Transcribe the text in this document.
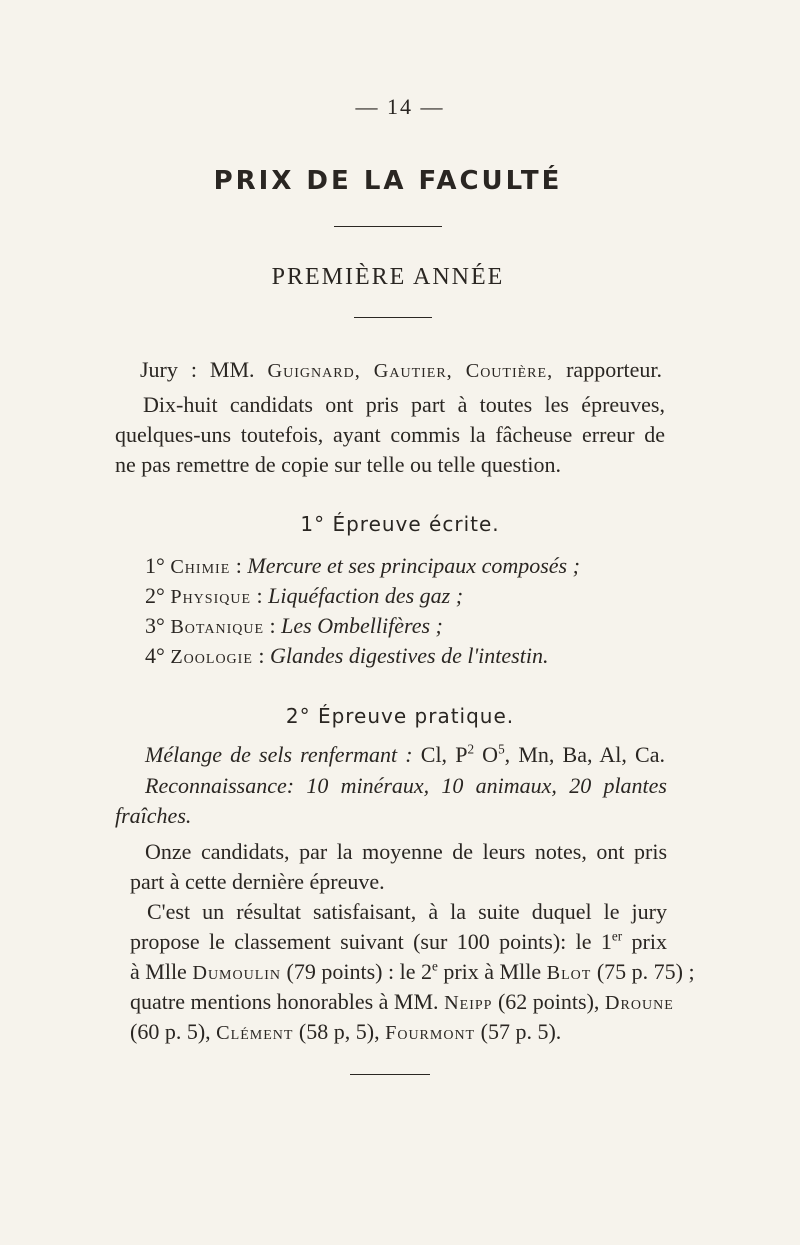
— 14 —
PRIX DE LA FACULTÉ
PREMIÈRE ANNÉE
Jury : MM. Guignard, Gautier, Coutière, rapporteur.
Dix-huit candidats ont pris part à toutes les épreuves,
quelques-uns toutefois, ayant commis la fâcheuse erreur de
ne pas remettre de copie sur telle ou telle question.
1° Épreuve écrite.
1° Chimie : Mercure et ses principaux composés ;
2° Physique : Liquéfaction des gaz ;
3° Botanique : Les Ombellifères ;
4° Zoologie : Glandes digestives de l'intestin.
2° Épreuve pratique.
Mélange de sels renfermant : Cl, $P^2$ $O^5$, Mn, Ba, Al, Ca.
Reconnaissance: 10 minéraux, 10 animaux, 20 plantes
fraîches.
Onze candidats, par la moyenne de leurs notes, ont pris
part à cette dernière épreuve.
C'est un résultat satisfaisant, à la suite duquel le jury
propose le classement suivant (sur 100 points): le 1er prix
à Mlle Dumoulin (79 points) : le 2e prix à Mlle Blot (75 p. 75) ;
quatre mentions honorables à MM. Neipp (62 points), Droune
(60 p. 5), Clément (58 p, 5), Fourmont (57 p. 5).
